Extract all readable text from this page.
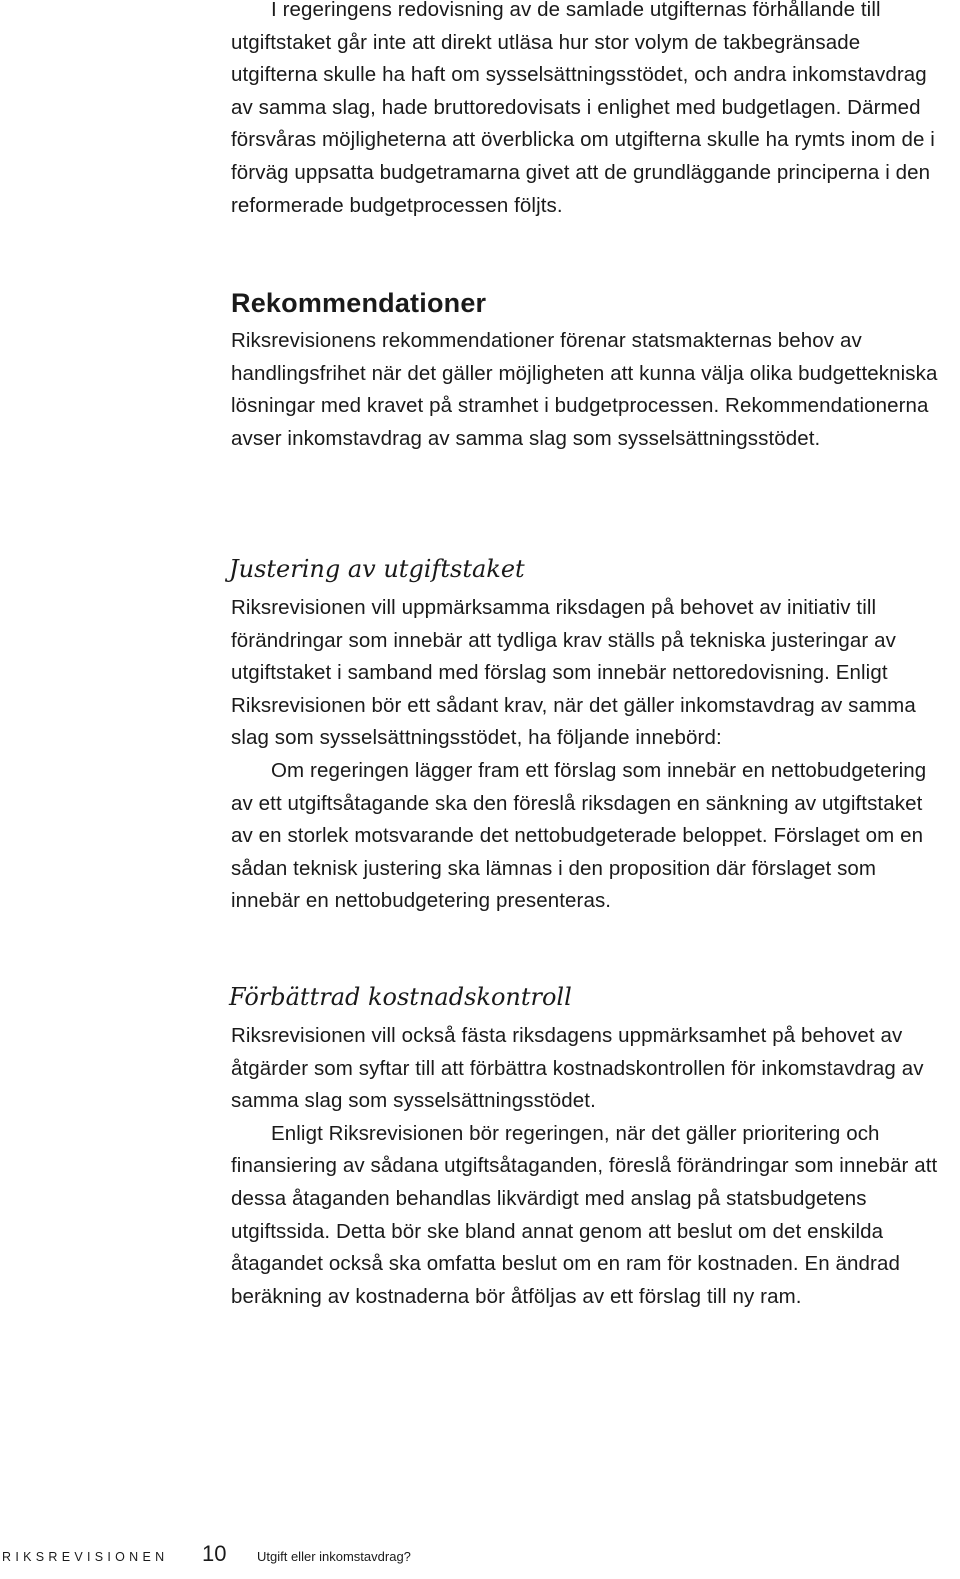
I regeringens redovisning av de samlade utgifternas förhållande till utgiftstaket går inte att direkt utläsa hur stor volym de takbegränsade utgifterna skulle ha haft om sysselsättningsstödet, och andra inkomstavdrag av samma slag, hade bruttoredovisats i enlighet med budgetlagen. Därmed försvåras möjligheterna att överblicka om utgifterna skulle ha rymts inom de i förväg uppsatta budgetramarna givet att de grundläggande principerna i den reformerade budgetprocessen följts.

Rekommendationer

Riksrevisionens rekommendationer förenar statsmakternas behov av handlingsfrihet när det gäller möjligheten att kunna välja olika budgettekniska lösningar med kravet på stramhet i budgetprocessen. Rekommendationerna avser inkomstavdrag av samma slag som sysselsättningsstödet.

Justering av utgiftstaket

Riksrevisionen vill uppmärksamma riksdagen på behovet av initiativ till förändringar som innebär att tydliga krav ställs på tekniska justeringar av utgiftstaket i samband med förslag som innebär nettoredovisning. Enligt Riksrevisionen bör ett sådant krav, när det gäller inkomstavdrag av samma slag som sysselsättningsstödet, ha följande innebörd:

Om regeringen lägger fram ett förslag som innebär en nettobudgetering av ett utgiftsåtagande ska den föreslå riksdagen en sänkning av utgiftstaket av en storlek motsvarande det nettobudgeterade beloppet. Förslaget om en sådan teknisk justering ska lämnas i den proposition där förslaget som innebär en nettobudgetering presenteras.

Förbättrad kostnadskontroll

Riksrevisionen vill också fästa riksdagens uppmärksamhet på behovet av åtgärder som syftar till att förbättra kostnadskontrollen för inkomstavdrag av samma slag som sysselsättningsstödet.

Enligt Riksrevisionen bör regeringen, när det gäller prioritering och finansiering av sådana utgiftsåtaganden, föreslå förändringar som innebär att dessa åtaganden behandlas likvärdigt med anslag på statsbudgetens utgiftssida. Detta bör ske bland annat genom att beslut om det enskilda åtagandet också ska omfatta beslut om en ram för kostnaden. En ändrad beräkning av kostnaderna bör åtföljas av ett förslag till ny ram.

RIKSREVISIONEN 10 Utgift eller inkomstavdrag?
